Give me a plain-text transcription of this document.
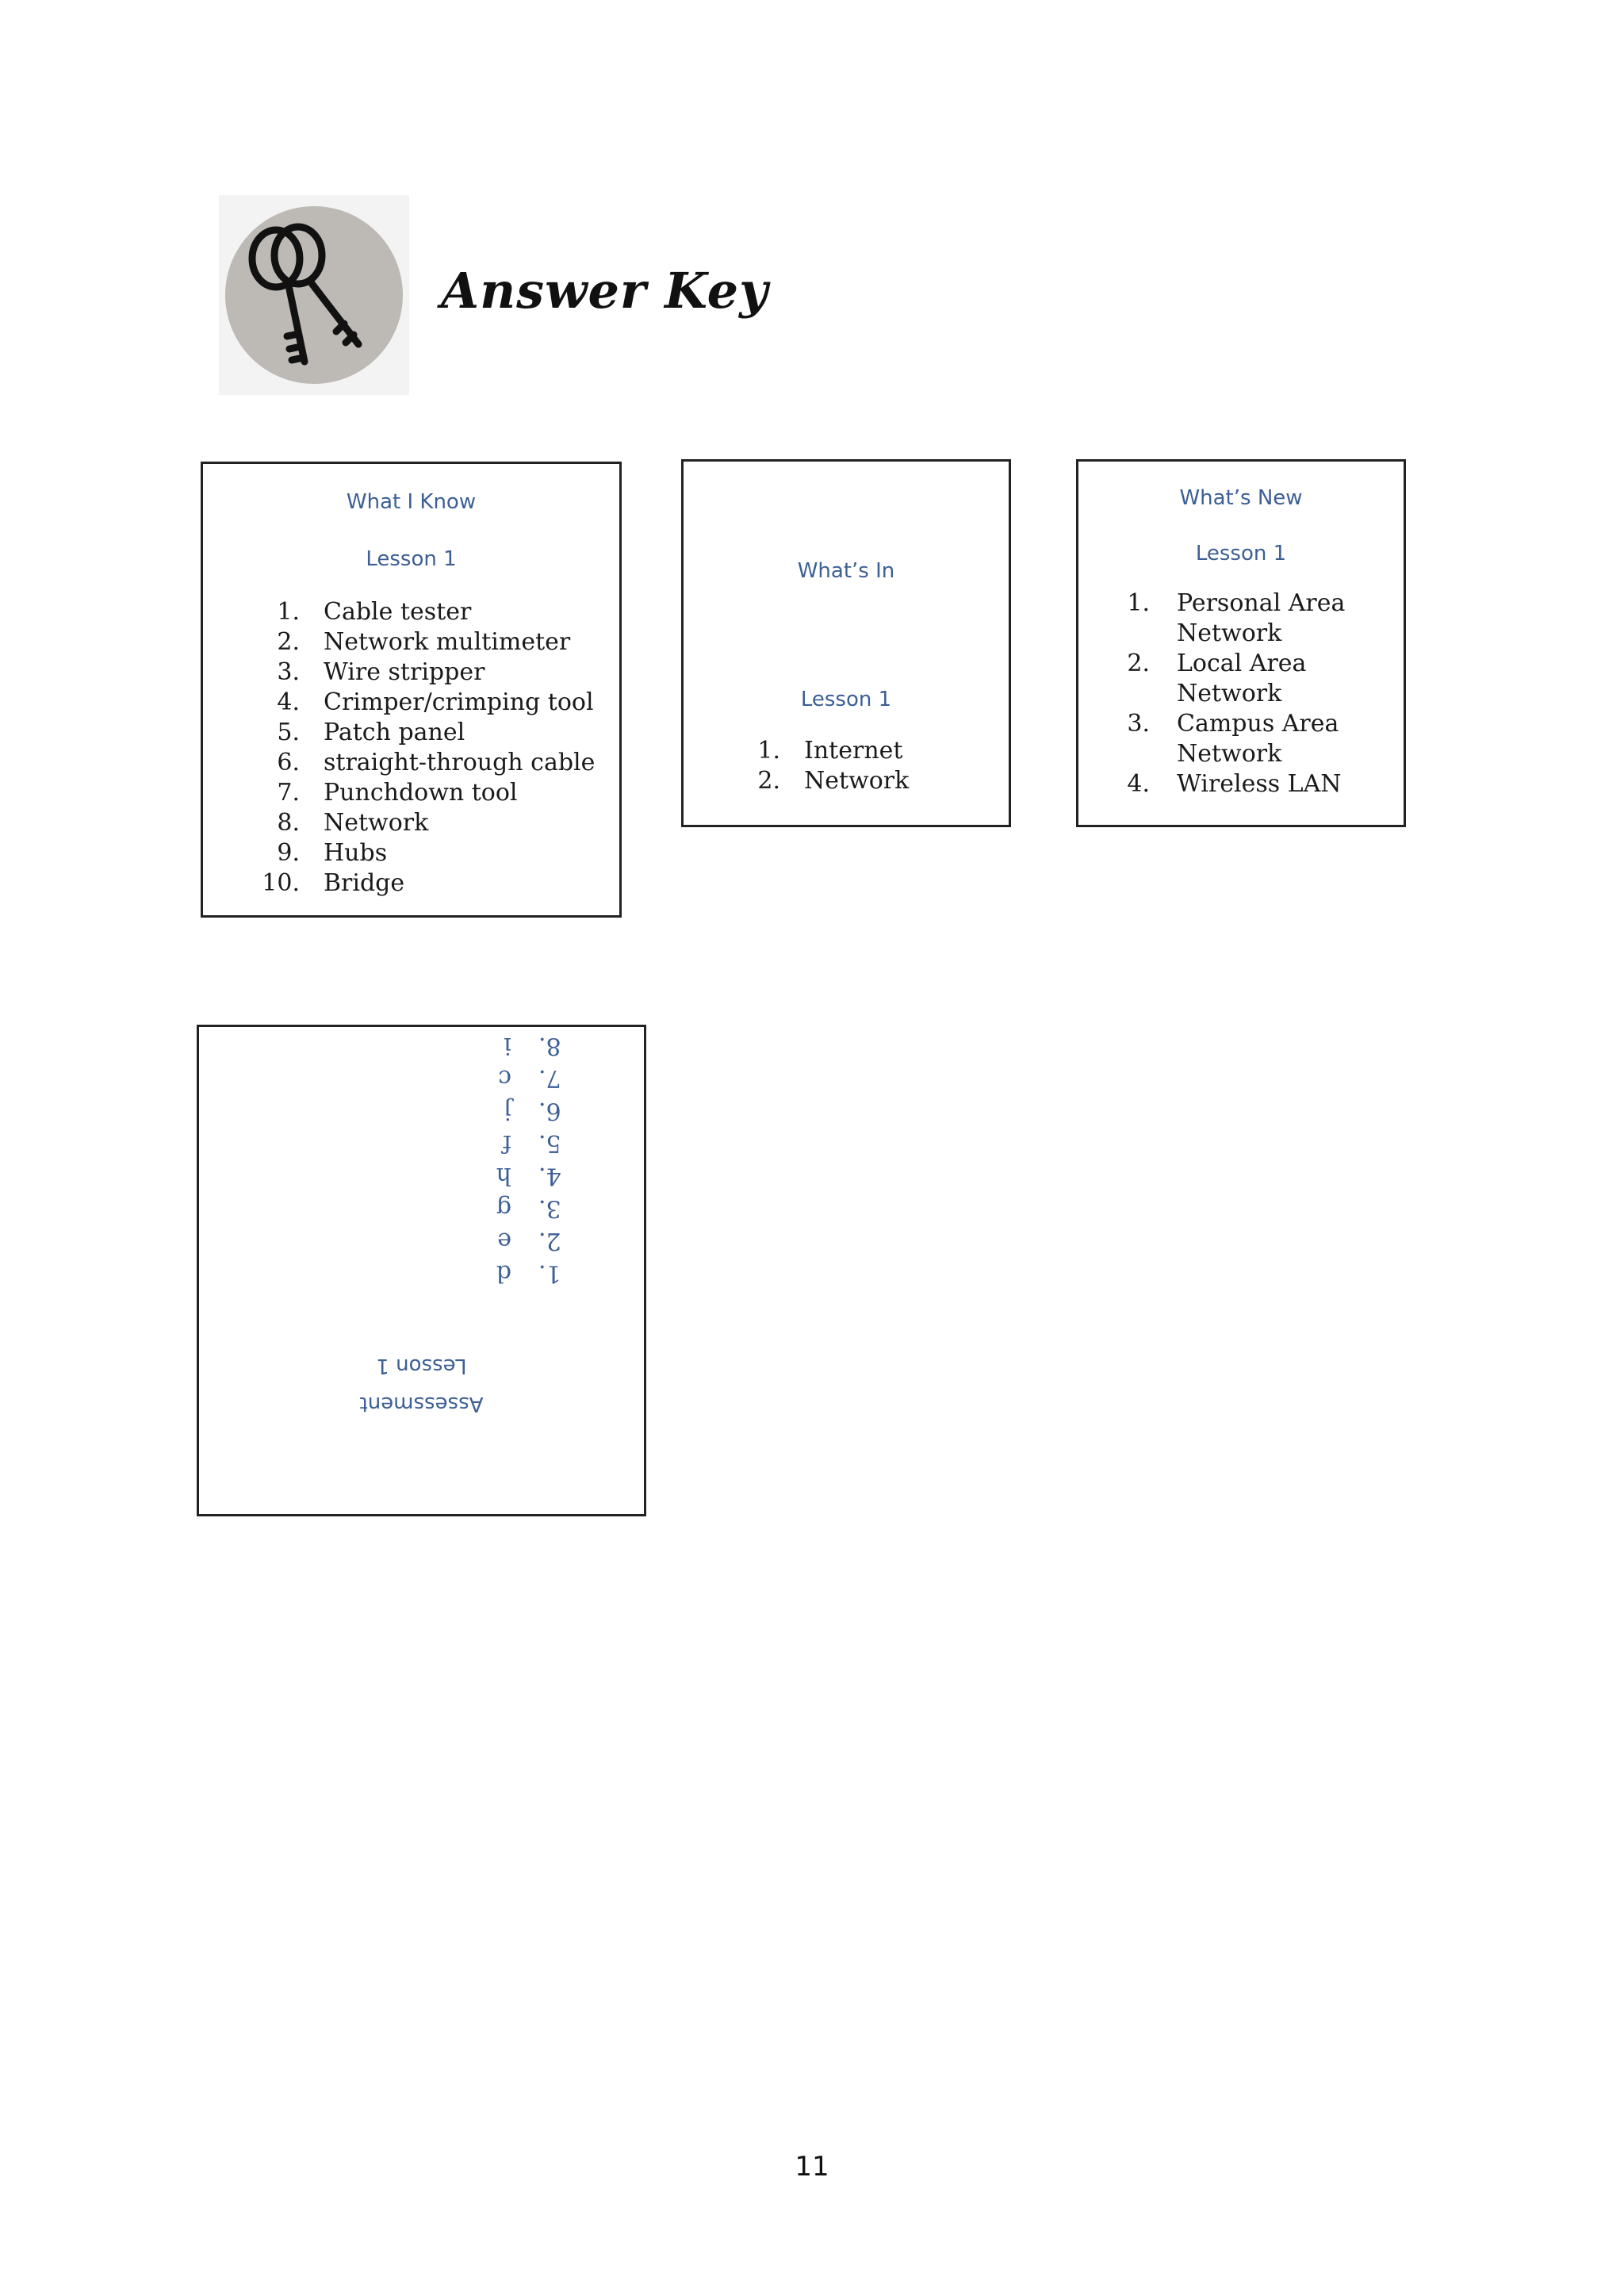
Answer Key
What I Know
Lesson 1
1.	Cable tester
2.	Network multimeter
3.	Wire stripper
4.	Crimper/crimping tool
5.	Patch panel
6.	straight-through cable
7.	Punchdown tool
8.	Network
9.	Hubs
10.	Bridge
What’s In
Lesson 1
1.	Internet
2.	Network
What’s New
Lesson 1
1.	Personal Area Network
2.	Local Area Network
3.	Campus Area Network
4.	Wireless LAN
Assessment
Lesson 1
1.
d
2.
e
3.
g
4.
h
5.
f
6.
j
7.
c
8.
i
11
